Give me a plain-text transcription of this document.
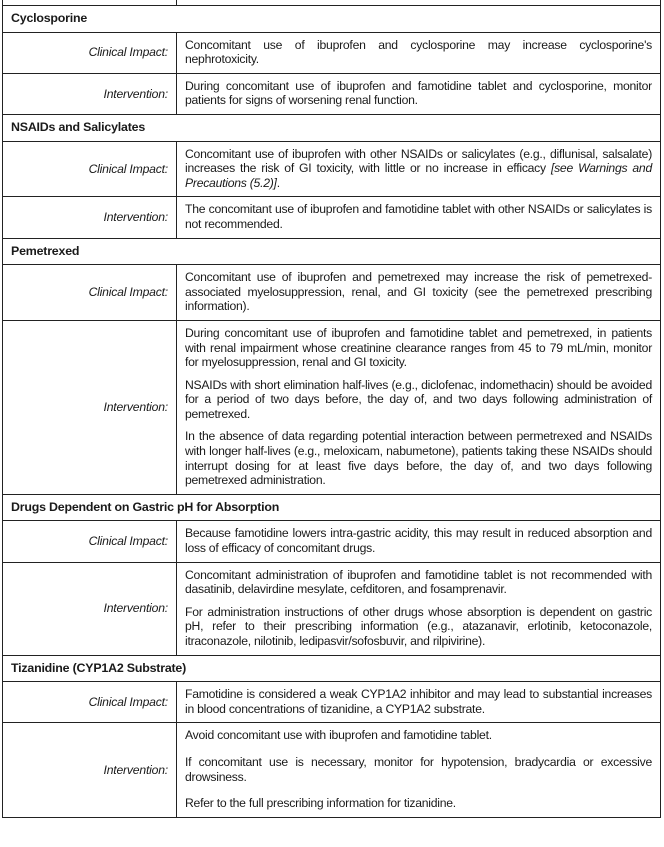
Cyclosporine	
Clinical Impact:	Concomitant use of ibuprofen and cyclosporine may increase cyclosporine's nephrotoxicity.

Intervention:	During concomitant use of ibuprofen and famotidine tablet and cyclosporine, monitor patients for signs of worsening renal function.

NSAIDs and Salicylates	
Clinical Impact:	Concomitant use of ibuprofen with other NSAIDs or salicylates (e.g., diflunisal, salsalate) increases the risk of GI toxicity, with little or no increase in efficacy [see Warnings and Precautions (5.2)].

Intervention:	The concomitant use of ibuprofen and famotidine tablet with other NSAIDs or salicylates is not recommended.

Pemetrexed	
Clinical Impact:	Concomitant use of ibuprofen and pemetrexed may increase the risk of pemetrexed-associated myelosuppression, renal, and GI toxicity (see the pemetrexed prescribing information).

Intervention:	During concomitant use of ibuprofen and famotidine tablet and pemetrexed, in patients with renal impairment whose creatinine clearance ranges from 45 to 79 mL/min, monitor for myelosuppression, renal and GI toxicity.

NSAIDs with short elimination half-lives (e.g., diclofenac, indomethacin) should be avoided for a period of two days before, the day of, and two days following administration of pemetrexed.

In the absence of data regarding potential interaction between permetrexed and NSAIDs with longer half-lives (e.g., meloxicam, nabumetone), patients taking these NSAIDs should interrupt dosing for at least five days before, the day of, and two days following pemetrexed administration.

Drugs Dependent on Gastric pH for Absorption	
Clinical Impact:	Because famotidine lowers intra-gastric acidity, this may result in reduced absorption and loss of efficacy of concomitant drugs.

Intervention:	Concomitant administration of ibuprofen and famotidine tablet is not recommended with dasatinib, delavirdine mesylate, cefditoren, and fosamprenavir.

For administration instructions of other drugs whose absorption is dependent on gastric pH, refer to their prescribing information (e.g., atazanavir, erlotinib, ketoconazole, itraconazole, nilotinib, ledipasvir/sofosbuvir, and rilpivirine).

Tizanidine (CYP1A2 Substrate)	
Clinical Impact:	Famotidine is considered a weak CYP1A2 inhibitor and may lead to substantial increases in blood concentrations of tizanidine, a CYP1A2 substrate.

Intervention:	Avoid concomitant use with ibuprofen and famotidine tablet.

If concomitant use is necessary, monitor for hypotension, bradycardia or excessive drowsiness.

Refer to the full prescribing information for tizanidine.
